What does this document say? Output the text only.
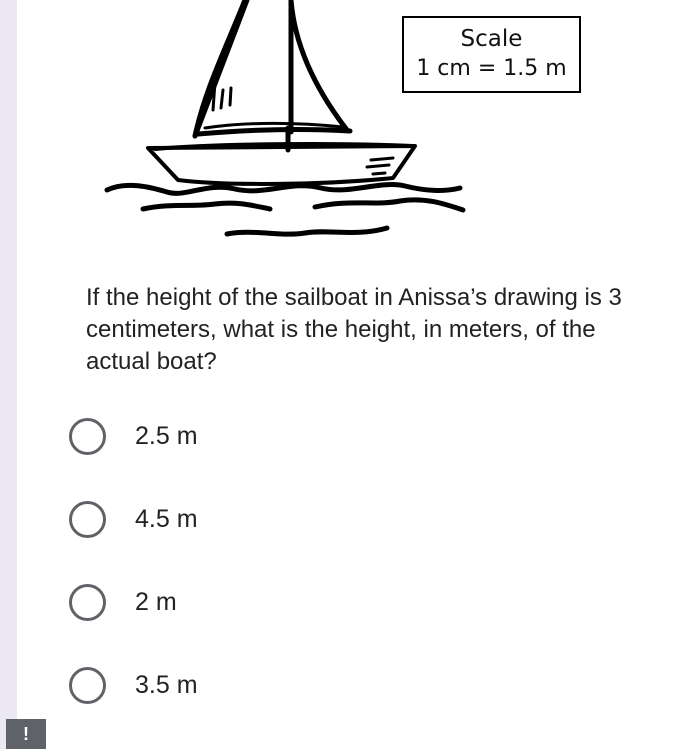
Scale
1 cm = 1.5 m
If the height of the sailboat in Anissa’s drawing is 3 centimeters, what is the height, in meters, of the actual boat?
2.5 m
4.5 m
2 m
3.5 m
!
